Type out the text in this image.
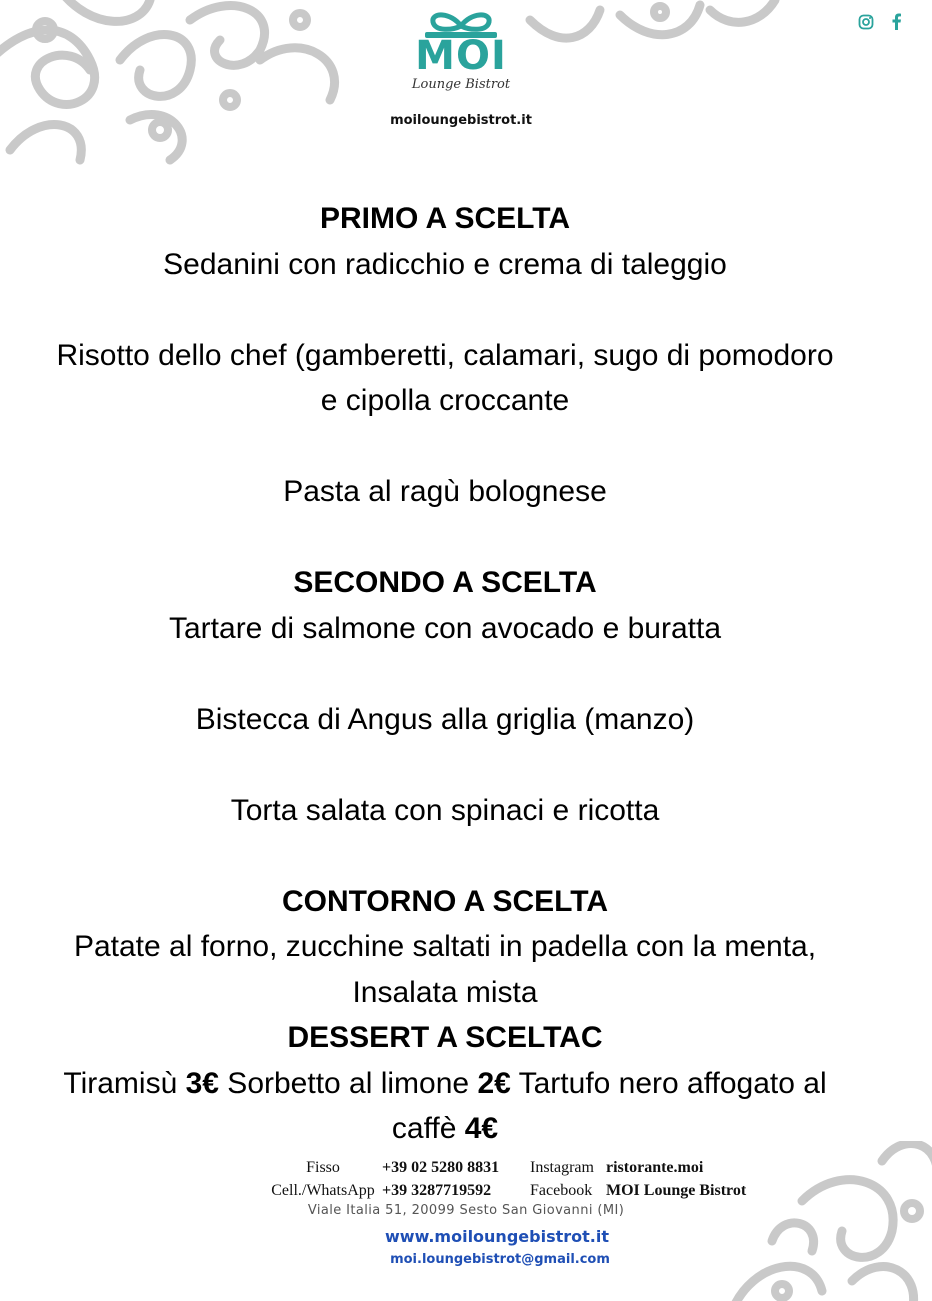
MOI
Lounge Bistrot
moiloungebistrot.it
PRIMO A SCELTA
Sedanini con radicchio e crema di taleggio
Risotto dello chef (gamberetti, calamari, sugo di pomodoro
e cipolla croccante
Pasta al ragù bolognese
SECONDO A SCELTA
Tartare di salmone con avocado e buratta
Bistecca di Angus alla griglia (manzo)
Torta salata con spinaci e ricotta
CONTORNO A SCELTA
Patate al forno, zucchine saltati in padella con la menta,
Insalata mista
DESSERT A SCELTAC
Tiramisù 3€ Sorbetto al limone 2€ Tartufo nero affogato al
caffè 4€
Fisso	+39 02 5280 8831	Instagram ristorante.moi
Cell./WhatsApp +39 3287719592	Facebook MOI Lounge Bistrot
Viale Italia 51, 20099 Sesto San Giovanni (MI)
www.moiloungebistrot.it
moi.loungebistrot@gmail.com
